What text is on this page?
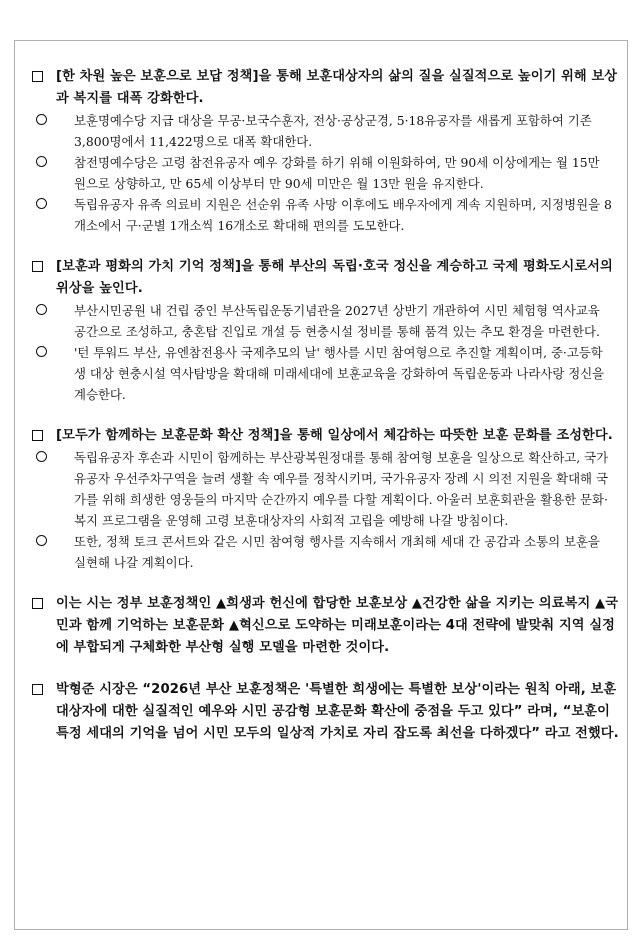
[한 차원 높은 보훈으로 보답 정책]을 통해 보훈대상자의 삶의 질을 실질적으로 높이기 위해 보상과 복지를 대폭 강화한다.
보훈명예수당 지급 대상을 무공·보국수훈자, 전상·공상군경, 5·18유공자를 새롭게 포함하여 기존 3,800명에서 11,422명으로 대폭 확대한다.
참전명예수당은 고령 참전유공자 예우 강화를 하기 위해 이원화하여, 만 90세 이상에게는 월 15만 원으로 상향하고, 만 65세 이상부터 만 90세 미만은 월 13만 원을 유지한다.
독립유공자 유족 의료비 지원은 선순위 유족 사망 이후에도 배우자에게 계속 지원하며, 지정병원을 8개소에서 구·군별 1개소씩 16개소로 확대해 편의를 도모한다.
[보훈과 평화의 가치 기억 정책]을 통해 부산의 독립·호국 정신을 계승하고 국제 평화도시로서의 위상을 높인다.
부산시민공원 내 건립 중인 부산독립운동기념관을 2027년 상반기 개관하여 시민 체험형 역사교육 공간으로 조성하고, 충혼탑 진입로 개설 등 현충시설 정비를 통해 품격 있는 추모 환경을 마련한다.
'턴 투워드 부산, 유엔참전용사 국제추모의 날' 행사를 시민 참여형으로 추진할 계획이며, 중·고등학생 대상 현충시설 역사탐방을 확대해 미래세대에 보훈교육을 강화하여 독립운동과 나라사랑 정신을 계승한다.
[모두가 함께하는 보훈문화 확산 정책]을 통해 일상에서 체감하는 따뜻한 보훈 문화를 조성한다.
독립유공자 후손과 시민이 함께하는 부산광복원정대를 통해 참여형 보훈을 일상으로 확산하고, 국가유공자 우선주차구역을 늘려 생활 속 예우를 정착시키며, 국가유공자 장례 시 의전 지원을 확대해 국가를 위해 희생한 영웅들의 마지막 순간까지 예우를 다할 계획이다. 아울러 보훈회관을 활용한 문화·복지 프로그램을 운영해 고령 보훈대상자의 사회적 고립을 예방해 나갈 방침이다.
또한, 정책 토크 콘서트와 같은 시민 참여형 행사를 지속해서 개최해 세대 간 공감과 소통의 보훈을 실현해 나갈 계획이다.
이는 시는 정부 보훈정책인 ▲희생과 헌신에 합당한 보훈보상 ▲건강한 삶을 지키는 의료복지 ▲국민과 함께 기억하는 보훈문화 ▲혁신으로 도약하는 미래보훈이라는 4대 전략에 발맞춰 지역 실정에 부합되게 구체화한 부산형 실행 모델을 마련한 것이다.
박형준 시장은 “2026년 부산 보훈정책은 '특별한 희생에는 특별한 보상'이라는 원칙 아래, 보훈대상자에 대한 실질적인 예우와 시민 공감형 보훈문화 확산에 중점을 두고 있다” 라며, “보훈이 특정 세대의 기억을 넘어 시민 모두의 일상적 가치로 자리 잡도록 최선을 다하겠다” 라고 전했다.
